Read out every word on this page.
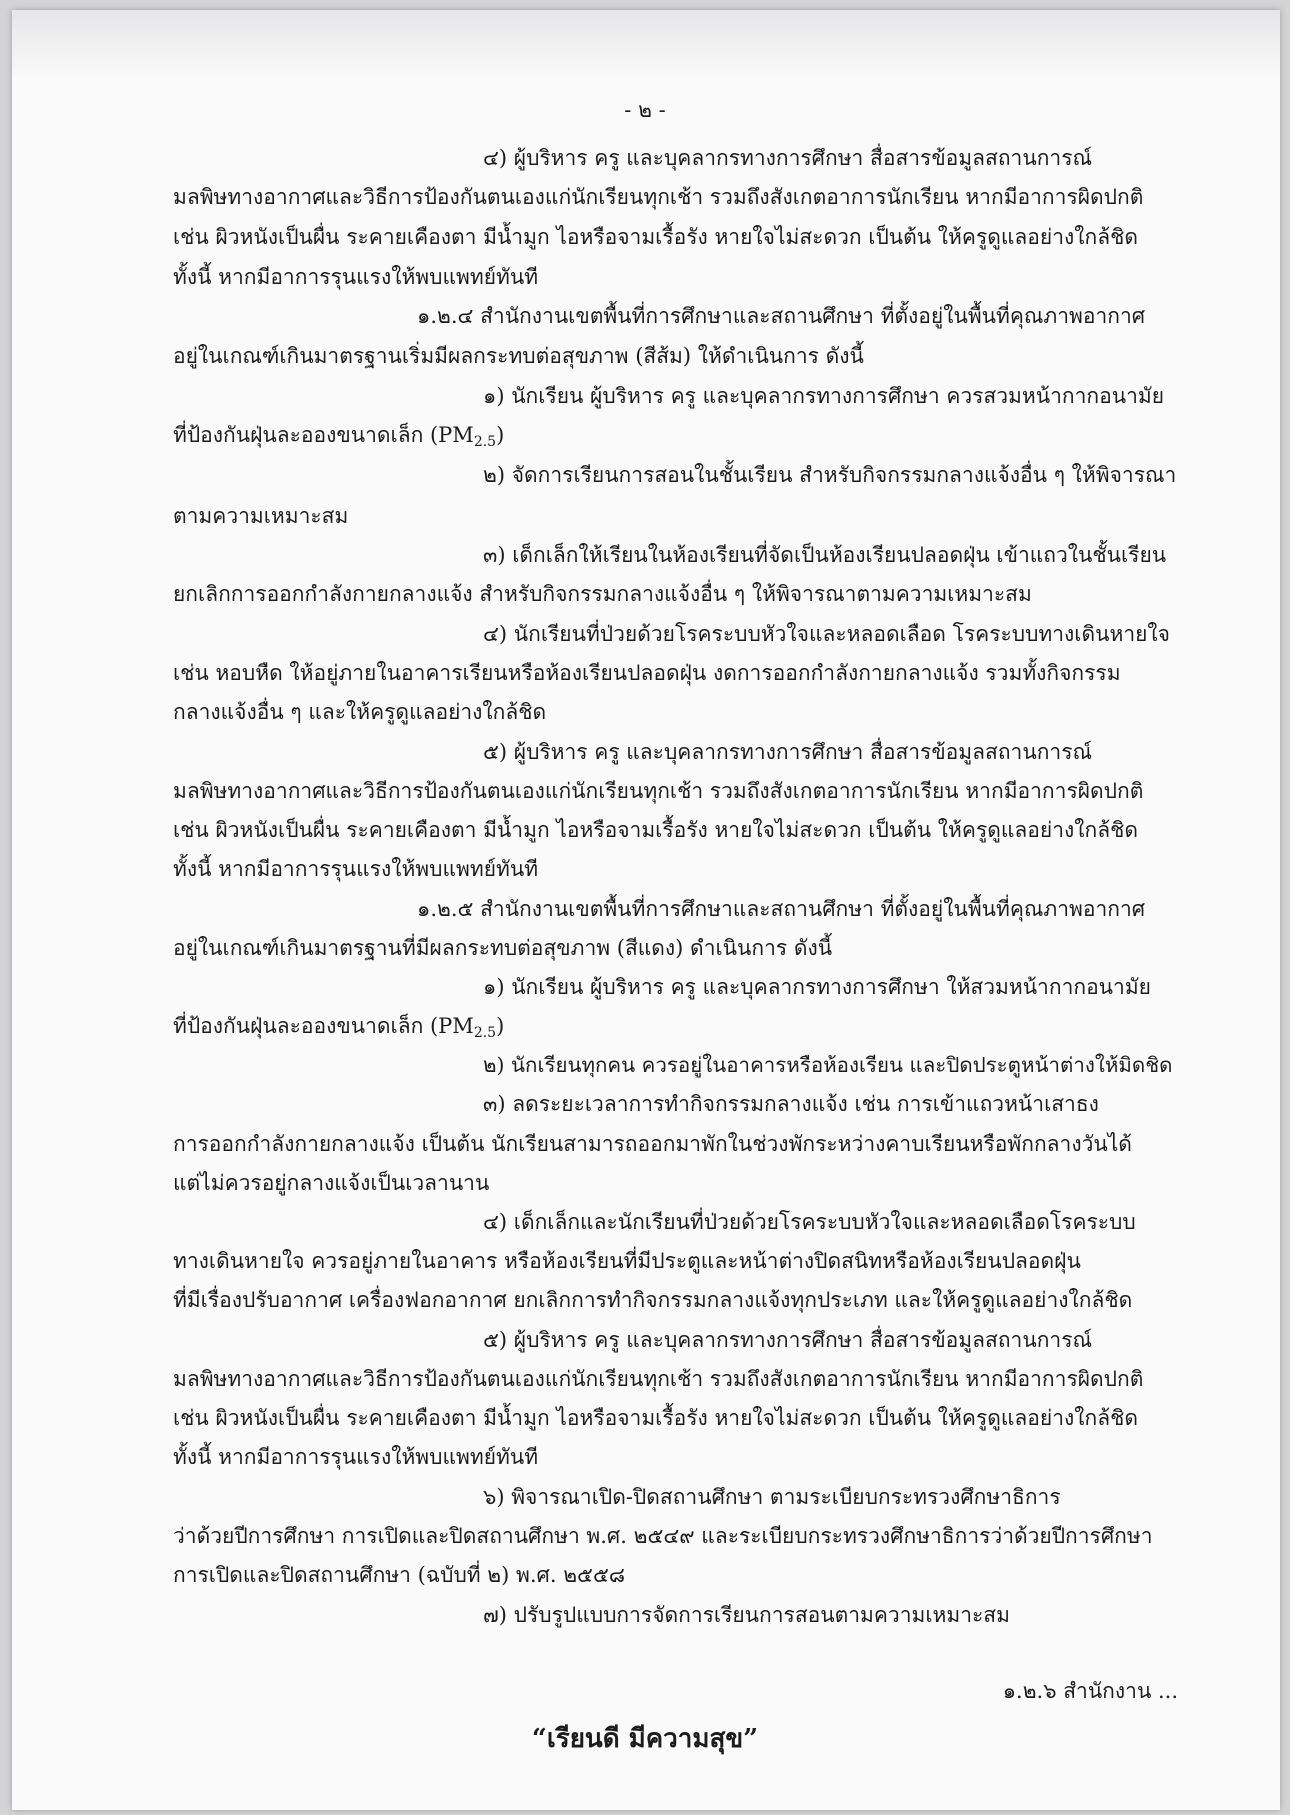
- ๒ -
๔) ผู้บริหาร ครู และบุคลากรทางการศึกษา สื่อสารข้อมูลสถานการณ์
มลพิษทางอากาศและวิธีการป้องกันตนเองแก่นักเรียนทุกเช้า รวมถึงสังเกตอาการนักเรียน หากมีอาการผิดปกติ
เช่น ผิวหนังเป็นผื่น ระคายเคืองตา มีน้ำมูก ไอหรือจามเรื้อรัง หายใจไม่สะดวก เป็นต้น ให้ครูดูแลอย่างใกล้ชิด
ทั้งนี้ หากมีอาการรุนแรงให้พบแพทย์ทันที
๑.๒.๔ สำนักงานเขตพื้นที่การศึกษาและสถานศึกษา ที่ตั้งอยู่ในพื้นที่คุณภาพอากาศ
อยู่ในเกณฑ์เกินมาตรฐานเริ่มมีผลกระทบต่อสุขภาพ (สีส้ม) ให้ดำเนินการ ดังนี้
๑) นักเรียน ผู้บริหาร ครู และบุคลากรทางการศึกษา ควรสวมหน้ากากอนามัย
ที่ป้องกันฝุ่นละอองขนาดเล็ก $(PM_{2.5})$
๒) จัดการเรียนการสอนในชั้นเรียน สำหรับกิจกรรมกลางแจ้งอื่น ๆ ให้พิจารณา
ตามความเหมาะสม
๓) เด็กเล็กให้เรียนในห้องเรียนที่จัดเป็นห้องเรียนปลอดฝุ่น เข้าแถวในชั้นเรียน
ยกเลิกการออกกำลังกายกลางแจ้ง สำหรับกิจกรรมกลางแจ้งอื่น ๆ ให้พิจารณาตามความเหมาะสม
๔) นักเรียนที่ป่วยด้วยโรคระบบหัวใจและหลอดเลือด โรคระบบทางเดินหายใจ
เช่น หอบหืด ให้อยู่ภายในอาคารเรียนหรือห้องเรียนปลอดฝุ่น งดการออกกำลังกายกลางแจ้ง รวมทั้งกิจกรรม
กลางแจ้งอื่น ๆ และให้ครูดูแลอย่างใกล้ชิด
๕) ผู้บริหาร ครู และบุคลากรทางการศึกษา สื่อสารข้อมูลสถานการณ์
มลพิษทางอากาศและวิธีการป้องกันตนเองแก่นักเรียนทุกเช้า รวมถึงสังเกตอาการนักเรียน หากมีอาการผิดปกติ
เช่น ผิวหนังเป็นผื่น ระคายเคืองตา มีน้ำมูก ไอหรือจามเรื้อรัง หายใจไม่สะดวก เป็นต้น ให้ครูดูแลอย่างใกล้ชิด
ทั้งนี้ หากมีอาการรุนแรงให้พบแพทย์ทันที
๑.๒.๕ สำนักงานเขตพื้นที่การศึกษาและสถานศึกษา ที่ตั้งอยู่ในพื้นที่คุณภาพอากาศ
อยู่ในเกณฑ์เกินมาตรฐานที่มีผลกระทบต่อสุขภาพ (สีแดง) ดำเนินการ ดังนี้
๑) นักเรียน ผู้บริหาร ครู และบุคลากรทางการศึกษา ให้สวมหน้ากากอนามัย
ที่ป้องกันฝุ่นละอองขนาดเล็ก $(PM_{2.5})$
๒) นักเรียนทุกคน ควรอยู่ในอาคารหรือห้องเรียน และปิดประตูหน้าต่างให้มิดชิด
๓) ลดระยะเวลาการทำกิจกรรมกลางแจ้ง เช่น การเข้าแถวหน้าเสาธง
การออกกำลังกายกลางแจ้ง เป็นต้น นักเรียนสามารถออกมาพักในช่วงพักระหว่างคาบเรียนหรือพักกลางวันได้
แต่ไม่ควรอยู่กลางแจ้งเป็นเวลานาน
๔) เด็กเล็กและนักเรียนที่ป่วยด้วยโรคระบบหัวใจและหลอดเลือดโรคระบบ
ทางเดินหายใจ ควรอยู่ภายในอาคาร หรือห้องเรียนที่มีประตูและหน้าต่างปิดสนิทหรือห้องเรียนปลอดฝุ่น
ที่มีเรื่องปรับอากาศ เครื่องฟอกอากาศ ยกเลิกการทำกิจกรรมกลางแจ้งทุกประเภท และให้ครูดูแลอย่างใกล้ชิด
๕) ผู้บริหาร ครู และบุคลากรทางการศึกษา สื่อสารข้อมูลสถานการณ์
มลพิษทางอากาศและวิธีการป้องกันตนเองแก่นักเรียนทุกเช้า รวมถึงสังเกตอาการนักเรียน หากมีอาการผิดปกติ
เช่น ผิวหนังเป็นผื่น ระคายเคืองตา มีน้ำมูก ไอหรือจามเรื้อรัง หายใจไม่สะดวก เป็นต้น ให้ครูดูแลอย่างใกล้ชิด
ทั้งนี้ หากมีอาการรุนแรงให้พบแพทย์ทันที
๖) พิจารณาเปิด-ปิดสถานศึกษา ตามระเบียบกระทรวงศึกษาธิการ
ว่าด้วยปีการศึกษา การเปิดและปิดสถานศึกษา พ.ศ. ๒๕๔๙ และระเบียบกระทรวงศึกษาธิการว่าด้วยปีการศึกษา
การเปิดและปิดสถานศึกษา (ฉบับที่ ๒) พ.ศ. ๒๕๕๘
๗) ปรับรูปแบบการจัดการเรียนการสอนตามความเหมาะสม
๑.๒.๖ สำนักงาน ...
“เรียนดี มีความสุข”
